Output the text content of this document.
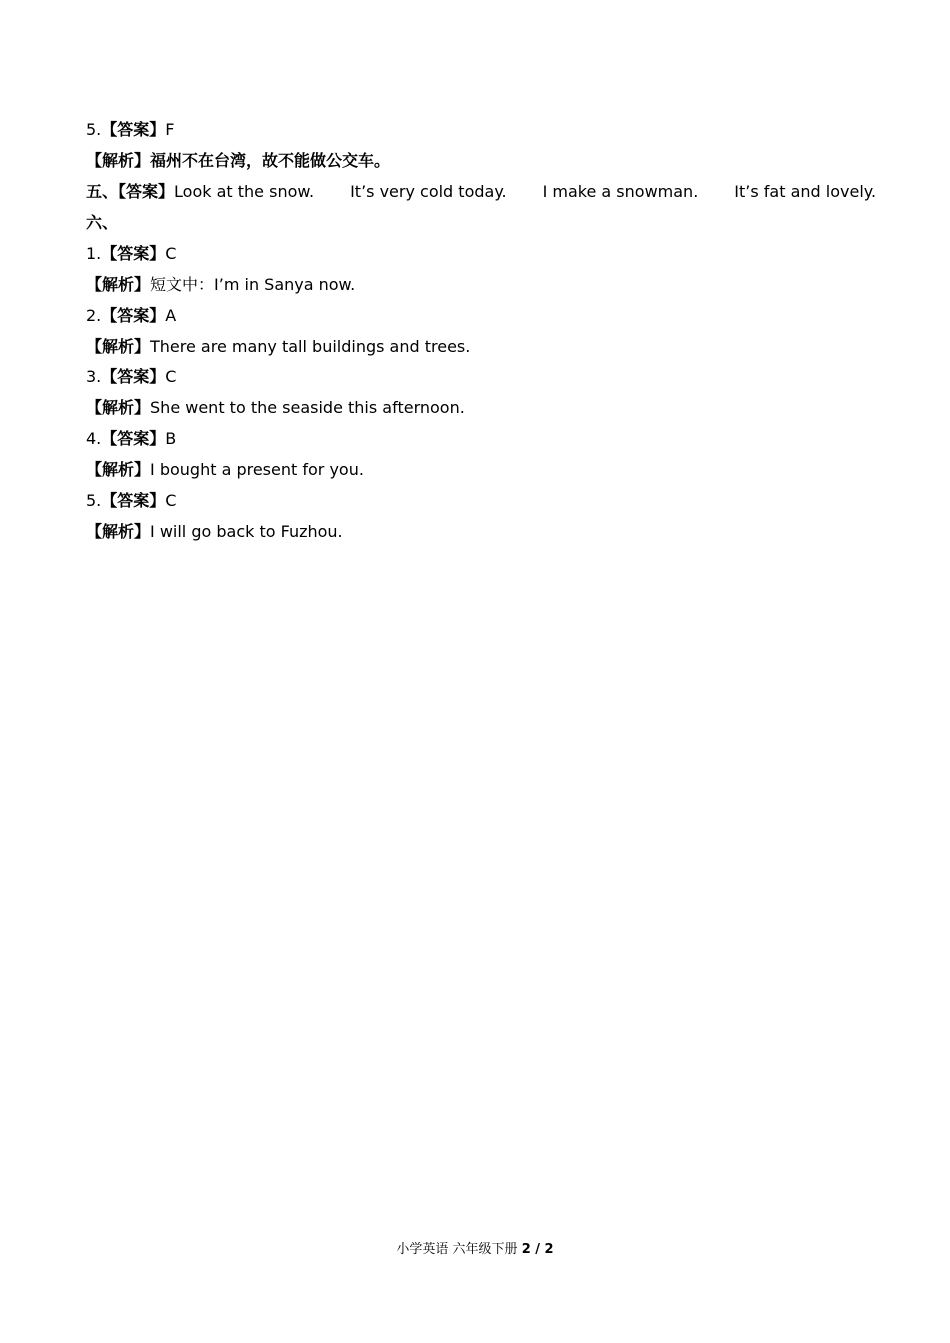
5.【答案】F

【解析】福州不在台湾，故不能做公交车。

五、【答案】Look at the snow. It’s very cold today. I make a snowman. It’s fat and lovely.

六、

1.【答案】C

【解析】短文中：I’m in Sanya now.

2.【答案】A

【解析】There are many tall buildings and trees.

3.【答案】C

【解析】She went to the seaside this afternoon.

4.【答案】B

【解析】I bought a present for you.

5.【答案】C

【解析】I will go back to Fuzhou.

小学英语 六年级下册 2 / 2
